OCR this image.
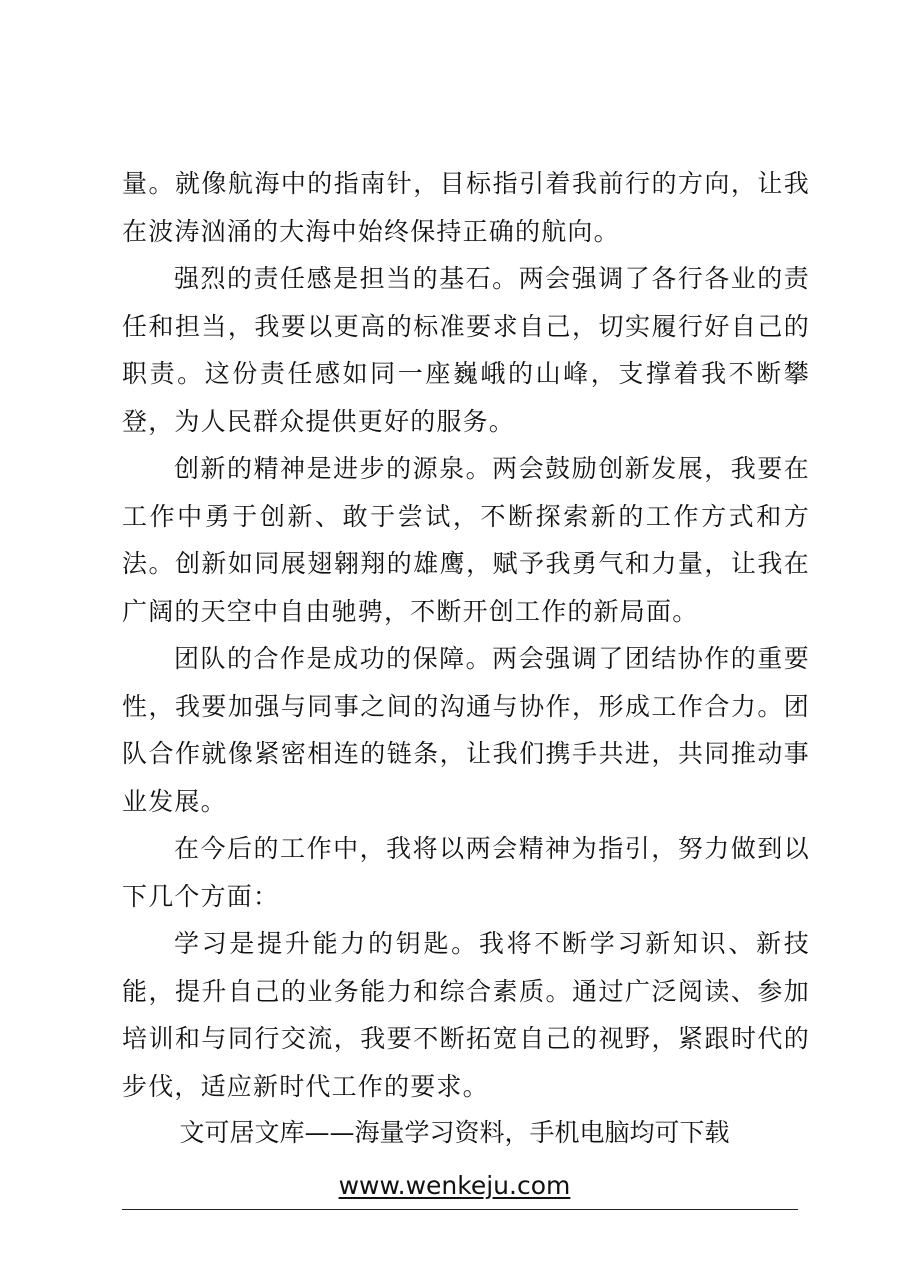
量。就像航海中的指南针，目标指引着我前行的方向，让我在波涛汹涌的大海中始终保持正确的航向。

强烈的责任感是担当的基石。两会强调了各行各业的责任和担当，我要以更高的标准要求自己，切实履行好自己的职责。这份责任感如同一座巍峨的山峰，支撑着我不断攀登，为人民群众提供更好的服务。

创新的精神是进步的源泉。两会鼓励创新发展，我要在工作中勇于创新、敢于尝试，不断探索新的工作方式和方法。创新如同展翅翱翔的雄鹰，赋予我勇气和力量，让我在广阔的天空中自由驰骋，不断开创工作的新局面。

团队的合作是成功的保障。两会强调了团结协作的重要性，我要加强与同事之间的沟通与协作，形成工作合力。团队合作就像紧密相连的链条，让我们携手共进，共同推动事业发展。

在今后的工作中，我将以两会精神为指引，努力做到以下几个方面：

学习是提升能力的钥匙。我将不断学习新知识、新技能，提升自己的业务能力和综合素质。通过广泛阅读、参加培训和与同行交流，我要不断拓宽自己的视野，紧跟时代的步伐，适应新时代工作的要求。

文可居文库——海量学习资料，手机电脑均可下载
www.wenkeju.com
